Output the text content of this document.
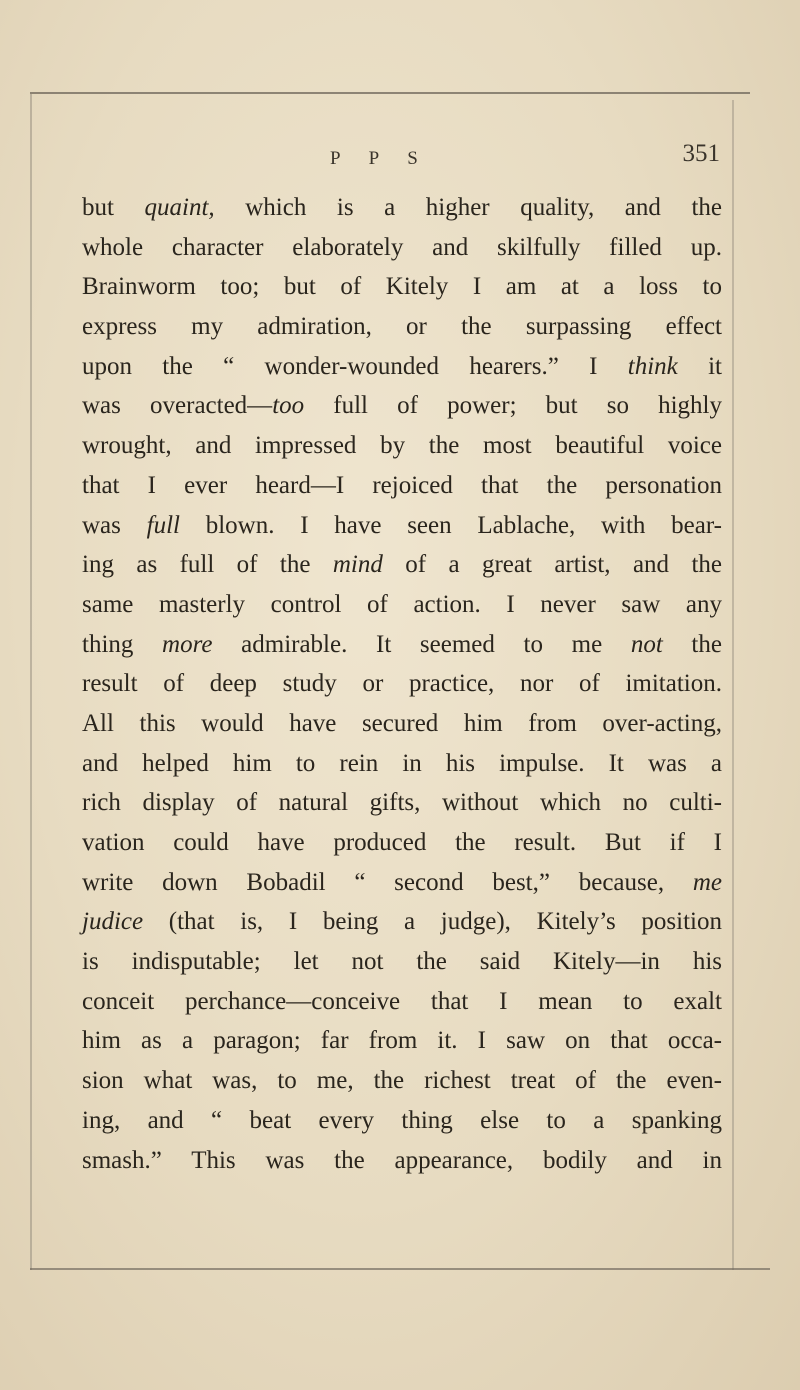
P P S	351
but quaint, which is a higher quality, and the
whole character elaborately and skilfully filled up.
Brainworm too; but of Kitely I am at a loss to
express my admiration, or the surpassing effect
upon the “ wonder-wounded hearers.” I think it
was overacted—too full of power; but so highly
wrought, and impressed by the most beautiful voice
that I ever heard—I rejoiced that the personation
was full blown. I have seen Lablache, with bear-
ing as full of the mind of a great artist, and the
same masterly control of action. I never saw any
thing more admirable. It seemed to me not the
result of deep study or practice, nor of imitation.
All this would have secured him from over-acting,
and helped him to rein in his impulse. It was a
rich display of natural gifts, without which no culti-
vation could have produced the result. But if I
write down Bobadil “ second best,” because, me
judice (that is, I being a judge), Kitely’s position
is indisputable; let not the said Kitely—in his
conceit perchance—conceive that I mean to exalt
him as a paragon; far from it. I saw on that occa-
sion what was, to me, the richest treat of the even-
ing, and “ beat every thing else to a spanking
smash.” This was the appearance, bodily and in
